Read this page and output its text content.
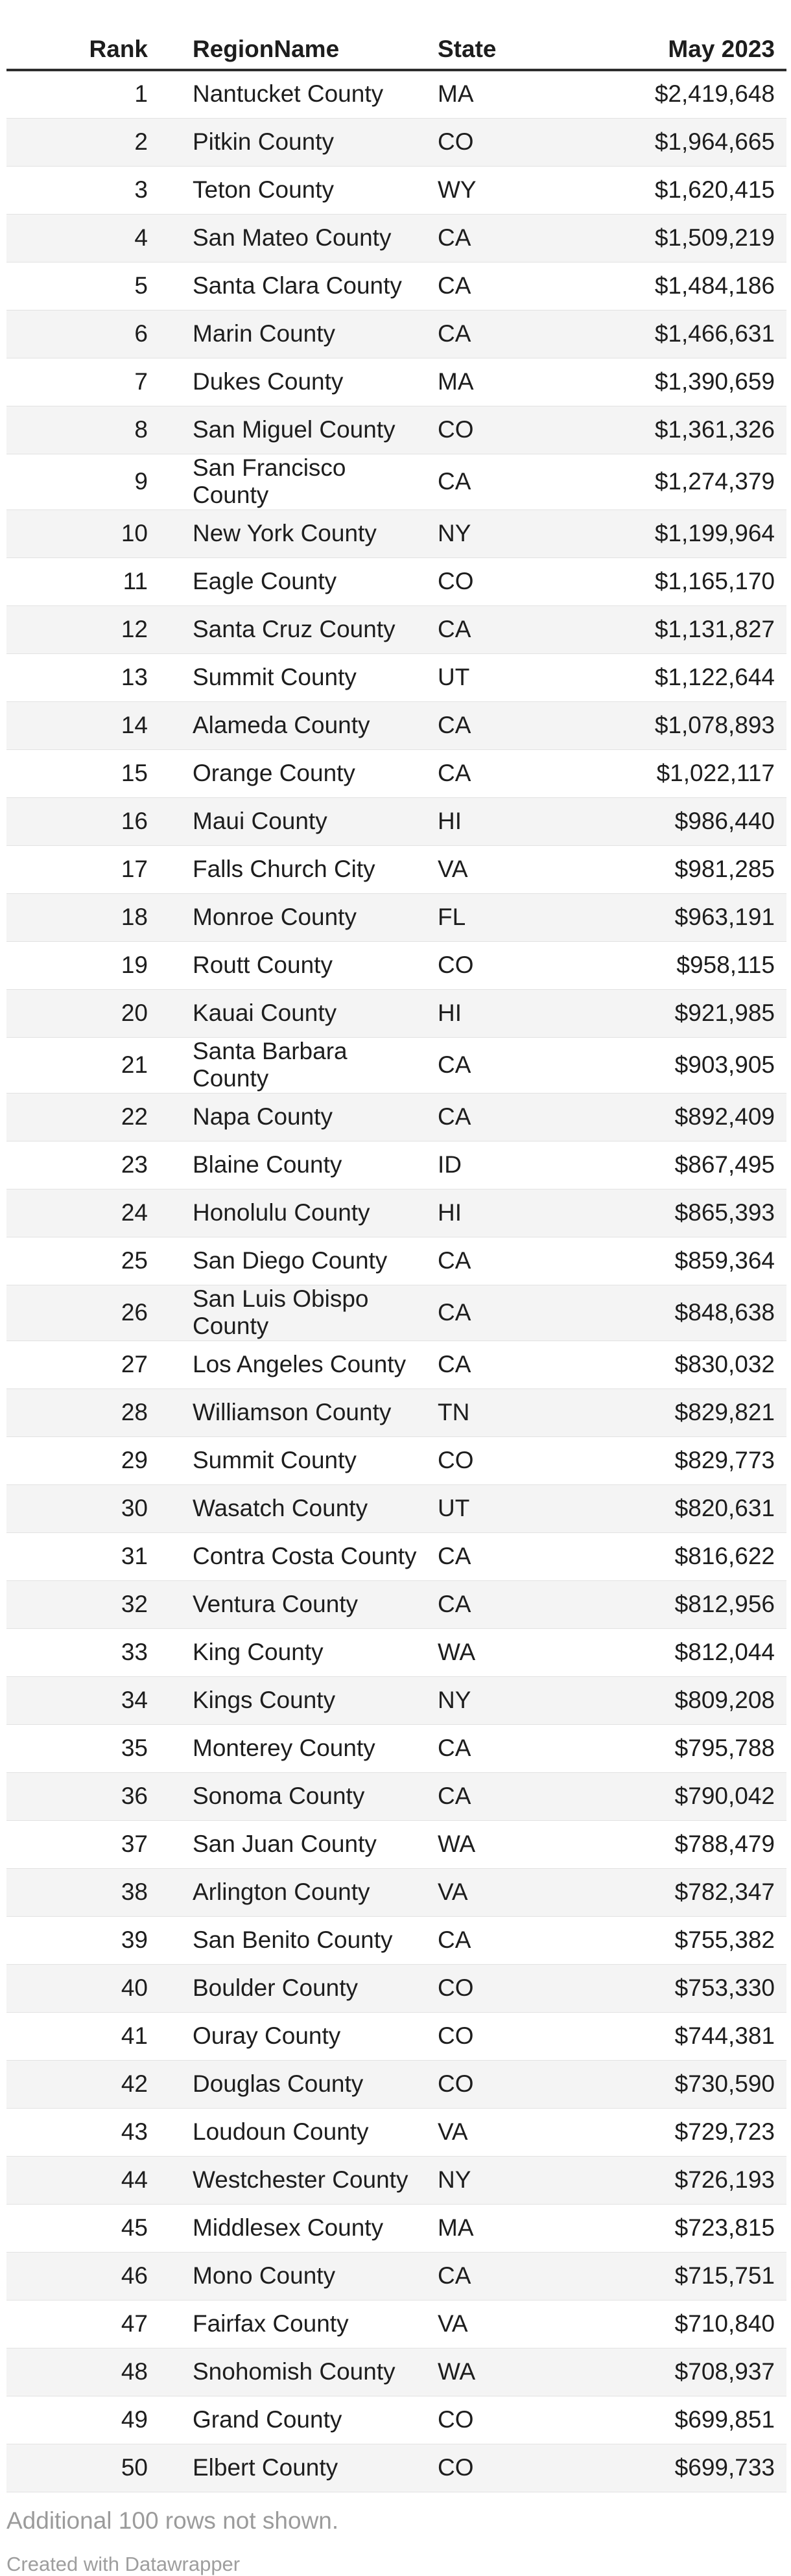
Rank	RegionName	State	May 2023
1	Nantucket County	MA	$2,419,648
2	Pitkin County	CO	$1,964,665
3	Teton County	WY	$1,620,415
4	San Mateo County	CA	$1,509,219
5	Santa Clara County	CA	$1,484,186
6	Marin County	CA	$1,466,631
7	Dukes County	MA	$1,390,659
8	San Miguel County	CO	$1,361,326
9	San Francisco County	CA	$1,274,379
10	New York County	NY	$1,199,964
11	Eagle County	CO	$1,165,170
12	Santa Cruz County	CA	$1,131,827
13	Summit County	UT	$1,122,644
14	Alameda County	CA	$1,078,893
15	Orange County	CA	$1,022,117
16	Maui County	HI	$986,440
17	Falls Church City	VA	$981,285
18	Monroe County	FL	$963,191
19	Routt County	CO	$958,115
20	Kauai County	HI	$921,985
21	Santa Barbara County	CA	$903,905
22	Napa County	CA	$892,409
23	Blaine County	ID	$867,495
24	Honolulu County	HI	$865,393
25	San Diego County	CA	$859,364
26	San Luis Obispo County	CA	$848,638
27	Los Angeles County	CA	$830,032
28	Williamson County	TN	$829,821
29	Summit County	CO	$829,773
30	Wasatch County	UT	$820,631
31	Contra Costa County	CA	$816,622
32	Ventura County	CA	$812,956
33	King County	WA	$812,044
34	Kings County	NY	$809,208
35	Monterey County	CA	$795,788
36	Sonoma County	CA	$790,042
37	San Juan County	WA	$788,479
38	Arlington County	VA	$782,347
39	San Benito County	CA	$755,382
40	Boulder County	CO	$753,330
41	Ouray County	CO	$744,381
42	Douglas County	CO	$730,590
43	Loudoun County	VA	$729,723
44	Westchester County	NY	$726,193
45	Middlesex County	MA	$723,815
46	Mono County	CA	$715,751
47	Fairfax County	VA	$710,840
48	Snohomish County	WA	$708,937
49	Grand County	CO	$699,851
50	Elbert County	CO	$699,733
Additional 100 rows not shown.
Created with Datawrapper
